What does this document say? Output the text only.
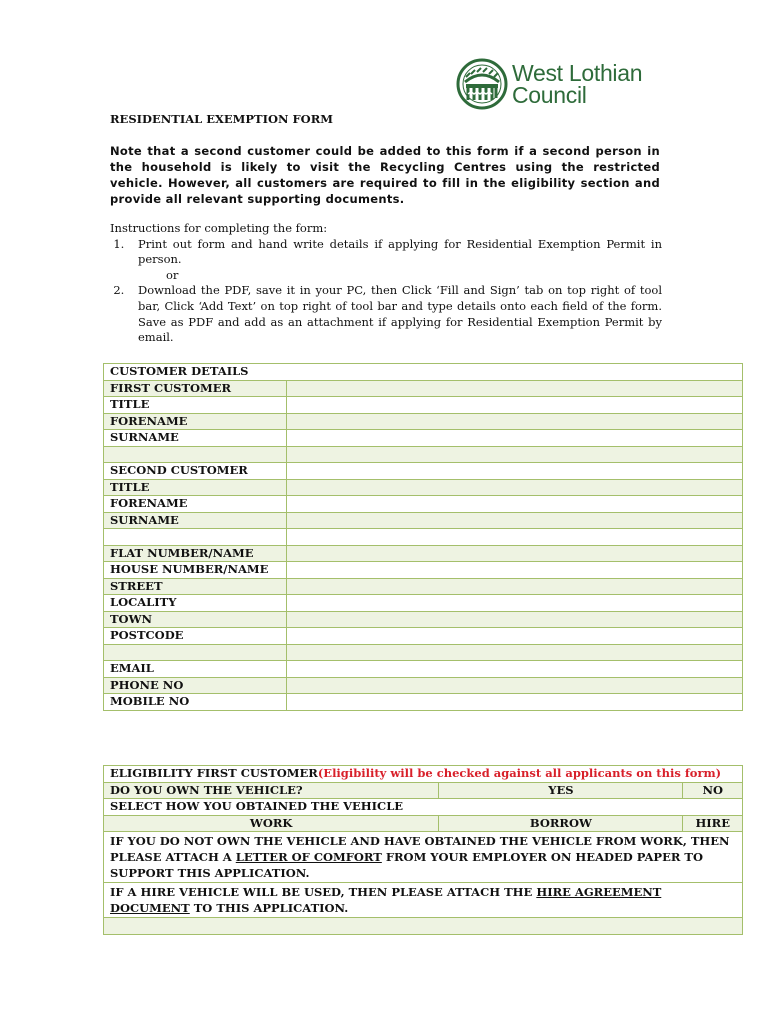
West Lothian
Council
RESIDENTIAL EXEMPTION FORM
Note that a second customer could be added to this form if a second person in the household is likely to visit the Recycling Centres using the restricted vehicle. However, all customers are required to fill in the eligibility section and provide all relevant supporting documents.
Instructions for completing the form:
1. Print out form and hand write details if applying for Residential Exemption Permit in person.
or
2. Download the PDF, save it in your PC, then Click ‘Fill and Sign’ tab on top right of tool bar, Click ‘Add Text’ on top right of tool bar and type details onto each field of the form. Save as PDF and add as an attachment if applying for Residential Exemption Permit by email.
CUSTOMER DETAILS	
FIRST CUSTOMER	
TITLE	
FORENAME	
SURNAME	

SECOND CUSTOMER	
TITLE	
FORENAME	
SURNAME	

FLAT NUMBER/NAME	
HOUSE NUMBER/NAME	
STREET	
LOCALITY	
TOWN	
POSTCODE	

EMAIL	
PHONE NO	
MOBILE NO	
ELIGIBILITY FIRST CUSTOMER(Eligibility will be checked against all applicants on this form)		
DO YOU OWN THE VEHICLE?	YES	NO
SELECT HOW YOU OBTAINED THE VEHICLE		
WORK	BORROW	HIRE
IF YOU DO NOT OWN THE VEHICLE AND HAVE OBTAINED THE VEHICLE FROM WORK, THEN PLEASE ATTACH A LETTER OF COMFORT FROM YOUR EMPLOYER ON HEADED PAPER TO SUPPORT THIS APPLICATION.		
IF A HIRE VEHICLE WILL BE USED, THEN PLEASE ATTACH THE HIRE AGREEMENT DOCUMENT TO THIS APPLICATION.		
